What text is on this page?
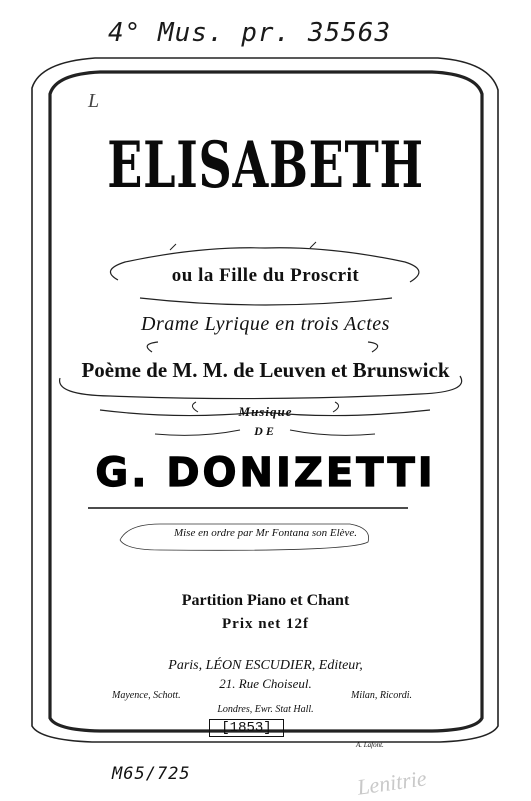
4° Mus. pr. 35563
L
ELISABETH
ou la Fille du Proscrit
Drame Lyrique en trois Actes
Poème de M. M. de Leuven et Brunswick
Musique
DE
G. DONIZETTI
Mise en ordre par Mr Fontana son Elève.
Partition Piano et Chant
Prix net 12f
Paris, LÉON ESCUDIER, Editeur,
21. Rue Choiseul.
Mayence, Schott.	Milan, Ricordi.
Londres, Ewr. Stat Hall.
[1853]
A. Lafont.
M65/725	Lenitrie
